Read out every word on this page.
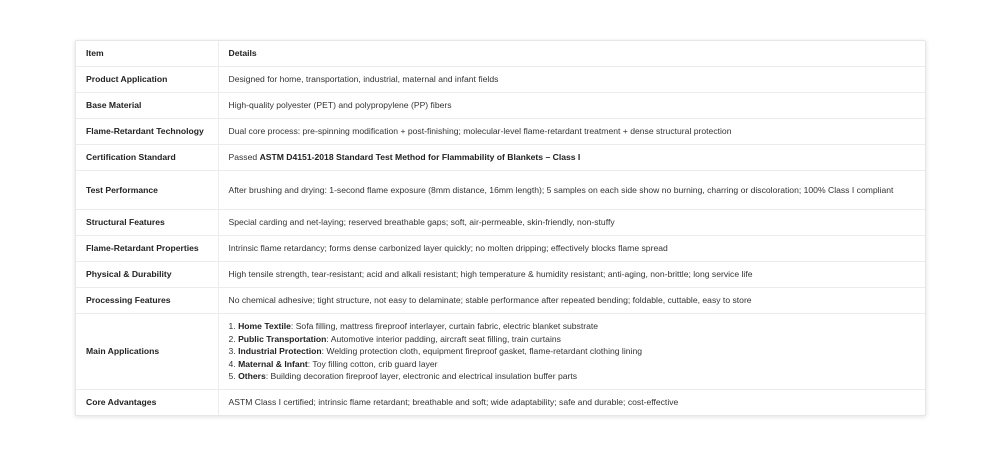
Item	Details
Product Application	Designed for home, transportation, industrial, maternal and infant fields
Base Material	High-quality polyester (PET) and polypropylene (PP) fibers
Flame-Retardant Technology	Dual core process: pre-spinning modification + post-finishing; molecular-level flame-retardant treatment + dense structural protection
Certification Standard	Passed ASTM D4151-2018 Standard Test Method for Flammability of Blankets – Class I
Test Performance	After brushing and drying: 1-second flame exposure (8mm distance, 16mm length); 5 samples on each side show no burning, charring or discoloration; 100% Class I compliant
Structural Features	Special carding and net-laying; reserved breathable gaps; soft, air-permeable, skin-friendly, non-stuffy
Flame-Retardant Properties	Intrinsic flame retardancy; forms dense carbonized layer quickly; no molten dripping; effectively blocks flame spread
Physical & Durability	High tensile strength, tear-resistant; acid and alkali resistant; high temperature & humidity resistant; anti-aging, non-brittle; long service life
Processing Features	No chemical adhesive; tight structure, not easy to delaminate; stable performance after repeated bending; foldable, cuttable, easy to store
Main Applications	1. Home Textile: Sofa filling, mattress fireproof interlayer, curtain fabric, electric blanket substrate
2. Public Transportation: Automotive interior padding, aircraft seat filling, train curtains
3. Industrial Protection: Welding protection cloth, equipment fireproof gasket, flame-retardant clothing lining
4. Maternal & Infant: Toy filling cotton, crib guard layer
5. Others: Building decoration fireproof layer, electronic and electrical insulation buffer parts

Core Advantages	ASTM Class I certified; intrinsic flame retardant; breathable and soft; wide adaptability; safe and durable; cost-effective
